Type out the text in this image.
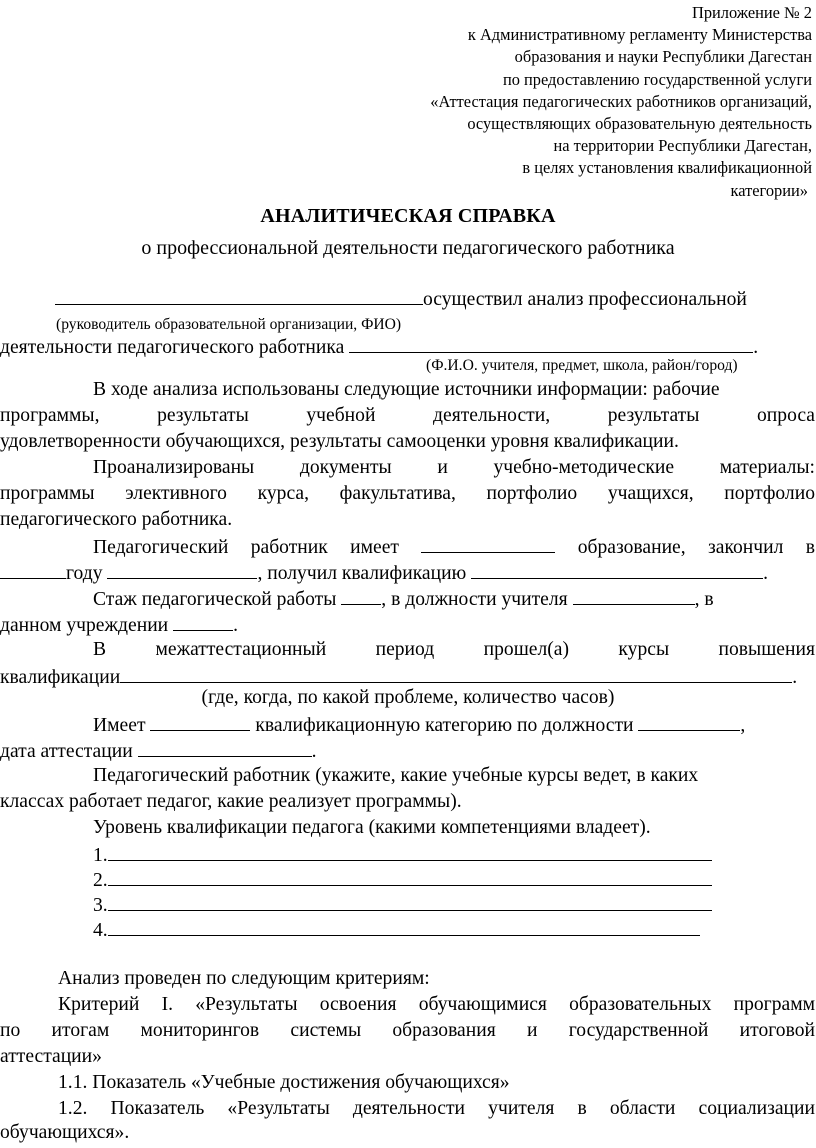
Приложение № 2
к Административному регламенту Министерства
образования и науки Республики Дагестан
по предоставлению государственной услуги
«Аттестация педагогических работников организаций,
осуществляющих образовательную деятельность
на территории Республики Дагестан,
в целях установления квалификационной
категории»
АНАЛИТИЧЕСКАЯ СПРАВКА
о профессиональной деятельности педагогического работника
осуществил анализ профессиональной
(руководитель образовательной организации, ФИО)
деятельности педагогического работника	.
(Ф.И.О. учителя, предмет, школа, район/город)
В ходе анализа использованы следующие источники информации: рабочие
программы, результаты учебной деятельности, результаты опроса
удовлетворенности обучающихся, результаты самооценки уровня квалификации.
Проанализированы документы и учебно-методические материалы:
программы элективного курса, факультатива, портфолио учащихся, портфолио
педагогического работника.
Педагогический работник имеет	образование, закончил в
году	, получил квалификацию	.
Стаж педагогической работы , в должности учителя	, в
данном учреждении	.
В	межаттестационный	период	прошел(а)	курсы	повышения
квалификации	.
(где, когда, по какой проблеме, количество часов)
Имеет	квалификационную категорию по должности	,
дата аттестации	.
Педагогический работник (укажите, какие учебные курсы ведет, в каких
классах работает педагог, какие реализует программы).
Уровень квалификации педагога (какими компетенциями владеет).
1.
2.
3.
4.
Анализ проведен по следующим критериям:
Критерий I. «Результаты освоения обучающимися образовательных программ
по итогам мониторингов системы образования и государственной итоговой
аттестации»
1.1. Показатель «Учебные достижения обучающихся»
1.2. Показатель «Результаты деятельности учителя в области социализации
обучающихся».
